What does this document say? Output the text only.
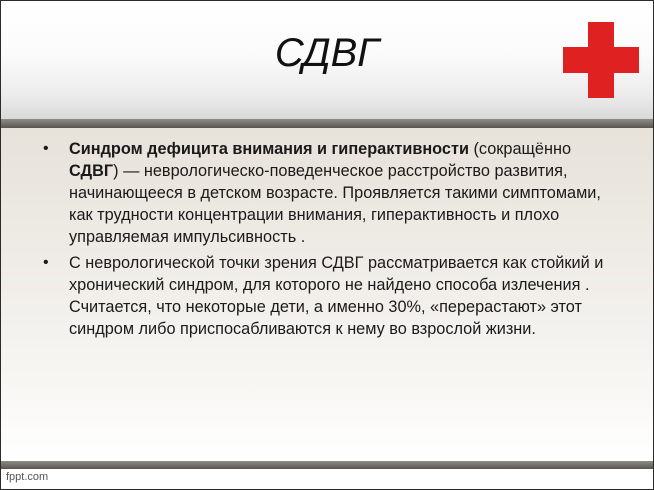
СДВГ
• Синдром дефицита внимания и гиперактивности (сокращённо СДВГ) — неврологическо-поведенческое расстройство развития, начинающееся в детском возрасте. Проявляется такими симптомами, как трудности концентрации внимания, гиперактивность и плохо управляемая импульсивность .
• С неврологической точки зрения СДВГ рассматривается как стойкий и хронический синдром, для которого не найдено способа излечения . Считается, что некоторые дети, а именно 30%, «перерастают» этот синдром либо приспосабливаются к нему во взрослой жизни.
fppt.com
